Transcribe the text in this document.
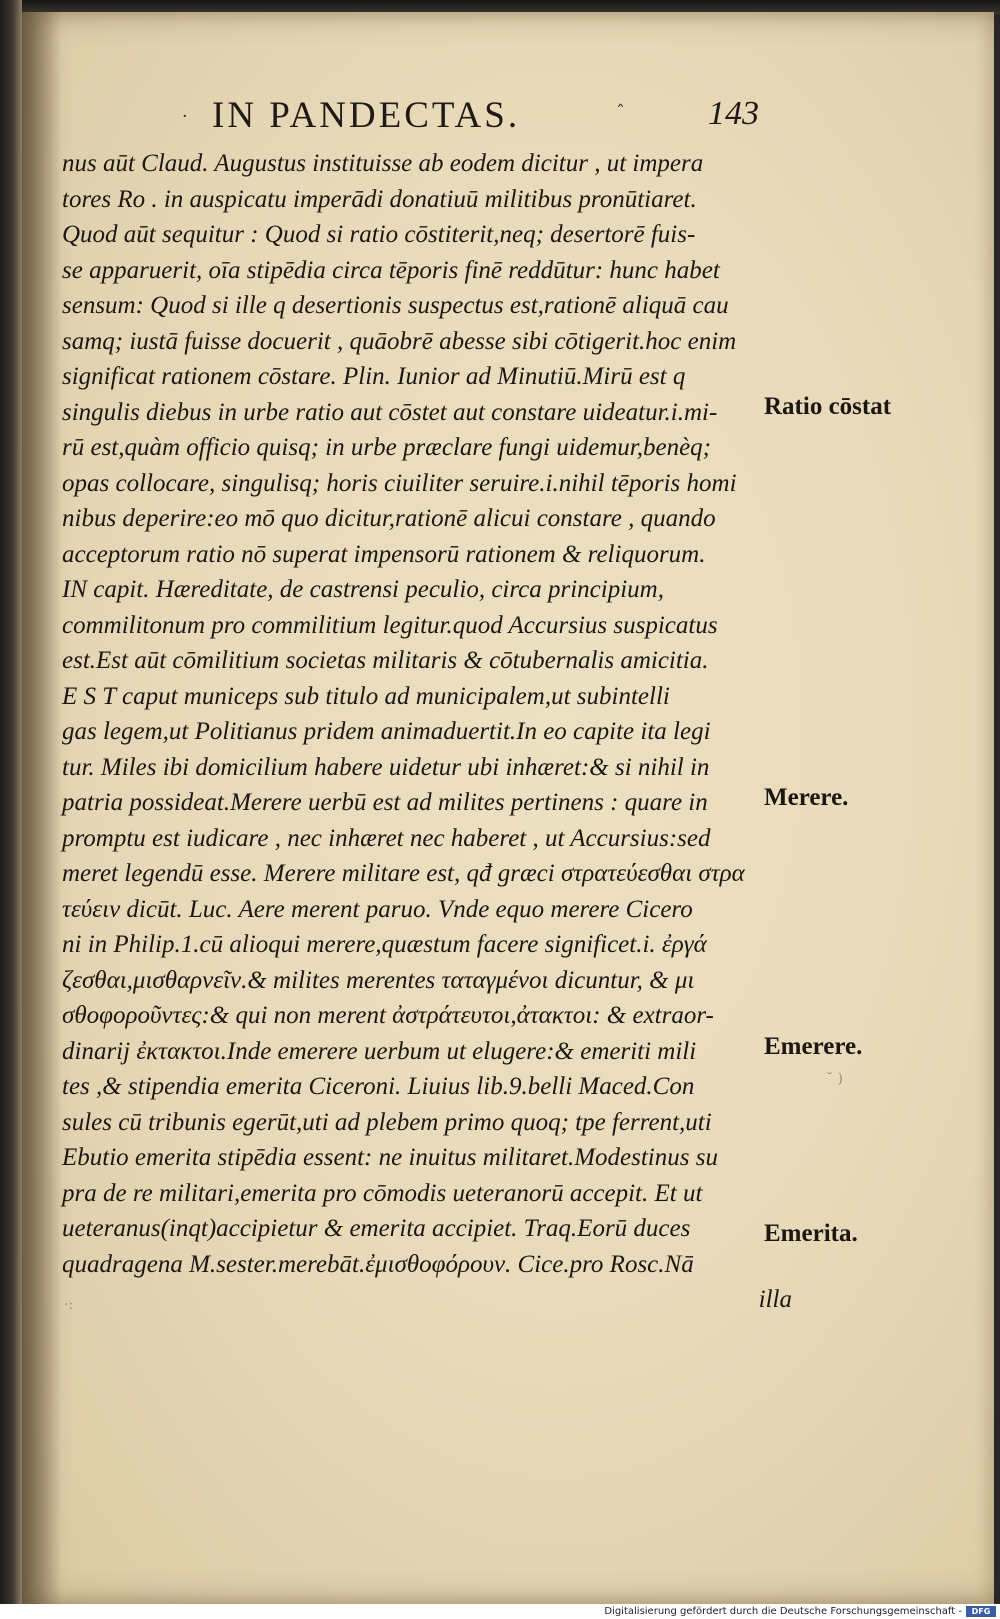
· IN PANDECTAS.	ˆ 143
nus aūt Claud. Augustus instituisse ab eodem dicitur , ut impera
tores Ro . in auspicatu imperādi donatiuū militibus pronūtiaret.
Quod aūt sequitur : Quod si ratio cōstiterit,neq; desertorē fuis-
se apparuerit, oīa stipēdia circa tēporis finē reddūtur: hunc habet
sensum: Quod si ille q desertionis suspectus est,rationē aliquā cau
samq; iustā fuisse docuerit , quāobrē abesse sibi cōtigerit.hoc enim
significat rationem cōstare. Plin. Iunior ad Minutiū.Mirū est q
singulis diebus in urbe ratio aut cōstet aut constare uideatur.i.mi-
rū est,quàm officio quisq; in urbe præclare fungi uidemur,benèq;
opas collocare, singulisq; horis ciuiliter seruire.i.nihil tēporis homi
nibus deperire:eo mō quo dicitur,rationē alicui constare , quando
acceptorum ratio nō superat impensorū rationem & reliquorum.
IN capit. Hæreditate, de castrensi peculio, circa principium,
commilitonum pro commilitium legitur.quod Accursius suspicatus
est.Est aūt cōmilitium societas militaris & cōtubernalis amicitia.
E S T caput municeps sub titulo ad municipalem,ut subintelli
gas legem,ut Politianus pridem animaduertit.In eo capite ita legi
tur. Miles ibi domicilium habere uidetur ubi inhæret:& si nihil in
patria possideat.Merere uerbū est ad milites pertinens : quare in
promptu est iudicare , nec inhæret nec haberet , ut Accursius:sed
meret legendū esse. Merere militare est, qđ græci στρατεύεσθαι στρα
τεύειν dicūt. Luc. Aere merent paruo. Vnde equo merere Cicero
ni in Philip.1.cū alioqui merere,quæstum facere significet.i. ἐργά
ζεσθαι,μισθαρνεῖν.& milites merentes ταταγμένοι dicuntur, & μι
σθοφοροῦντες:& qui non merent ἀστράτευτοι,ἀτακτοι: & extraor-
dinarij ἐκτακτοι.Inde emerere uerbum ut elugere:& emeriti mili
tes ,& stipendia emerita Ciceroni. Liuius lib.9.belli Maced.Con
sules cū tribunis egerūt,uti ad plebem primo quoq; tpe ferrent,uti
Ebutio emerita stipēdia essent: ne inuitus militaret.Modestinus su
pra de re militari,emerita pro cōmodis ueteranorū accepit. Et ut
ueteranus(inqt)accipietur & emerita accipiet. Traq.Eorū duces
quadragena M.sester.merebāt.ἐμισθοφόρουν. Cice.pro Rosc.Nā
illa
Ratio cōstat
Merere.
Emerere.
Emerita.
·:
˘ )
Digitalisierung gefördert durch die Deutsche Forschungsgemeinschaft -	DFG
